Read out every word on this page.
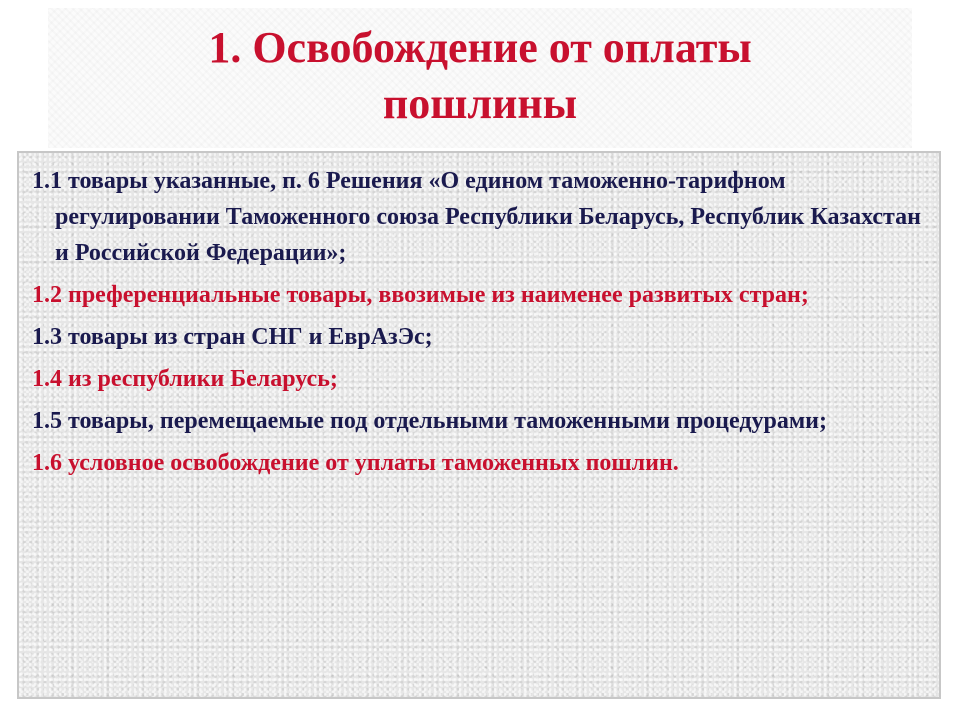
1. Освобождение от оплаты
пошлины
1.1 товары указанные, п. 6 Решения «О едином таможенно-тарифном регулировании Таможенного союза Республики Беларусь, Республик Казахстан и Российской Федерации»;
1.2 преференциальные товары, ввозимые из наименее развитых стран;
1.3 товары из стран СНГ и ЕврАзЭс;
1.4 из республики Беларусь;
1.5 товары, перемещаемые под отдельными таможенными процедурами;
1.6 условное освобождение от уплаты таможенных пошлин.
